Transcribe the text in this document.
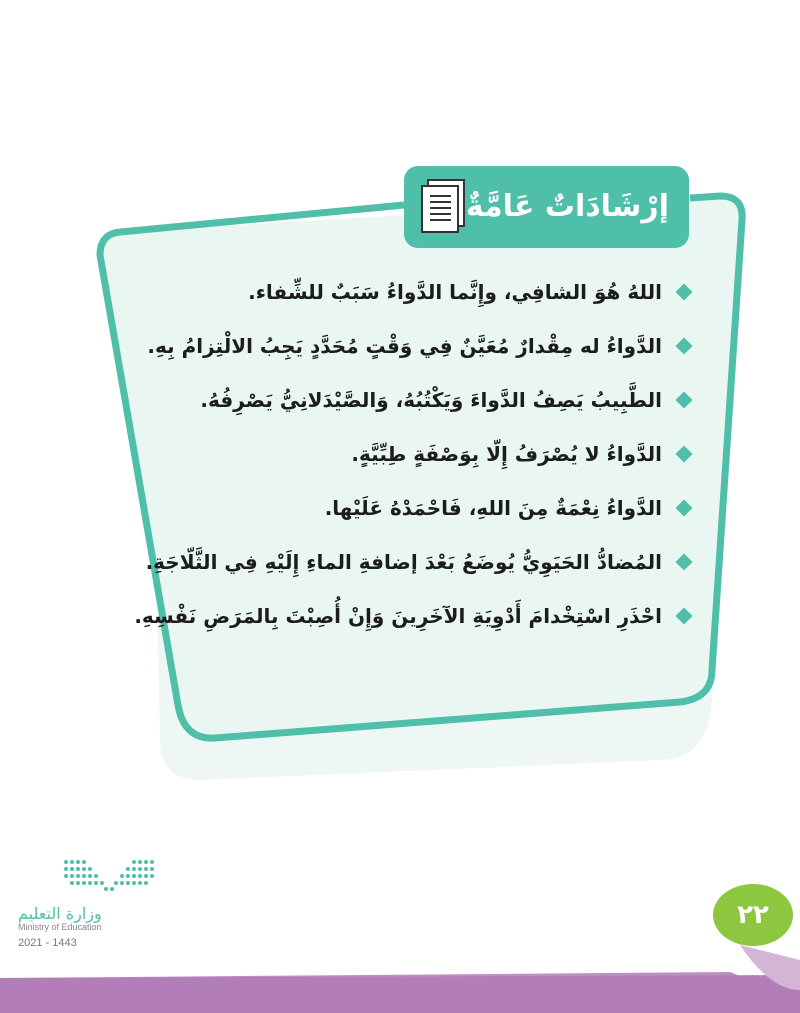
إرْشَادَاتٌ عَامَّةٌ
اللهُ هُوَ الشافِي، وإِنَّما الدَّواءُ سَبَبٌ للشِّفاء.
الدَّواءُ له مِقْدارٌ مُعَيَّنٌ فِي وَقْتٍ مُحَدَّدٍ يَجِبُ الالْتِزامُ بِهِ.
الطَّبِيبُ يَصِفُ الدَّواءَ وَيَكْتُبُهُ، وَالصَّيْدَلانِيُّ يَصْرِفُهُ.
الدَّواءُ لا يُصْرَفُ إِلّا بِوَصْفَةٍ طِبِّيَّةٍ.
الدَّواءُ نِعْمَةٌ مِنَ اللهِ، فَاحْمَدْهُ عَلَيْها.
المُضادُّ الحَيَوِيُّ يُوضَعُ بَعْدَ إضافةِ الماءِ إِلَيْهِ فِي الثَّلّاجَةِ.
احْذَرِ اسْتِخْدامَ أَدْوِيَةِ الآخَرِينَ وَإِنْ أُصِبْتَ بِالمَرَضِ نَفْسِهِ.
وزارة التعليم
Ministry of Education
2021 - 1443
٢٢
